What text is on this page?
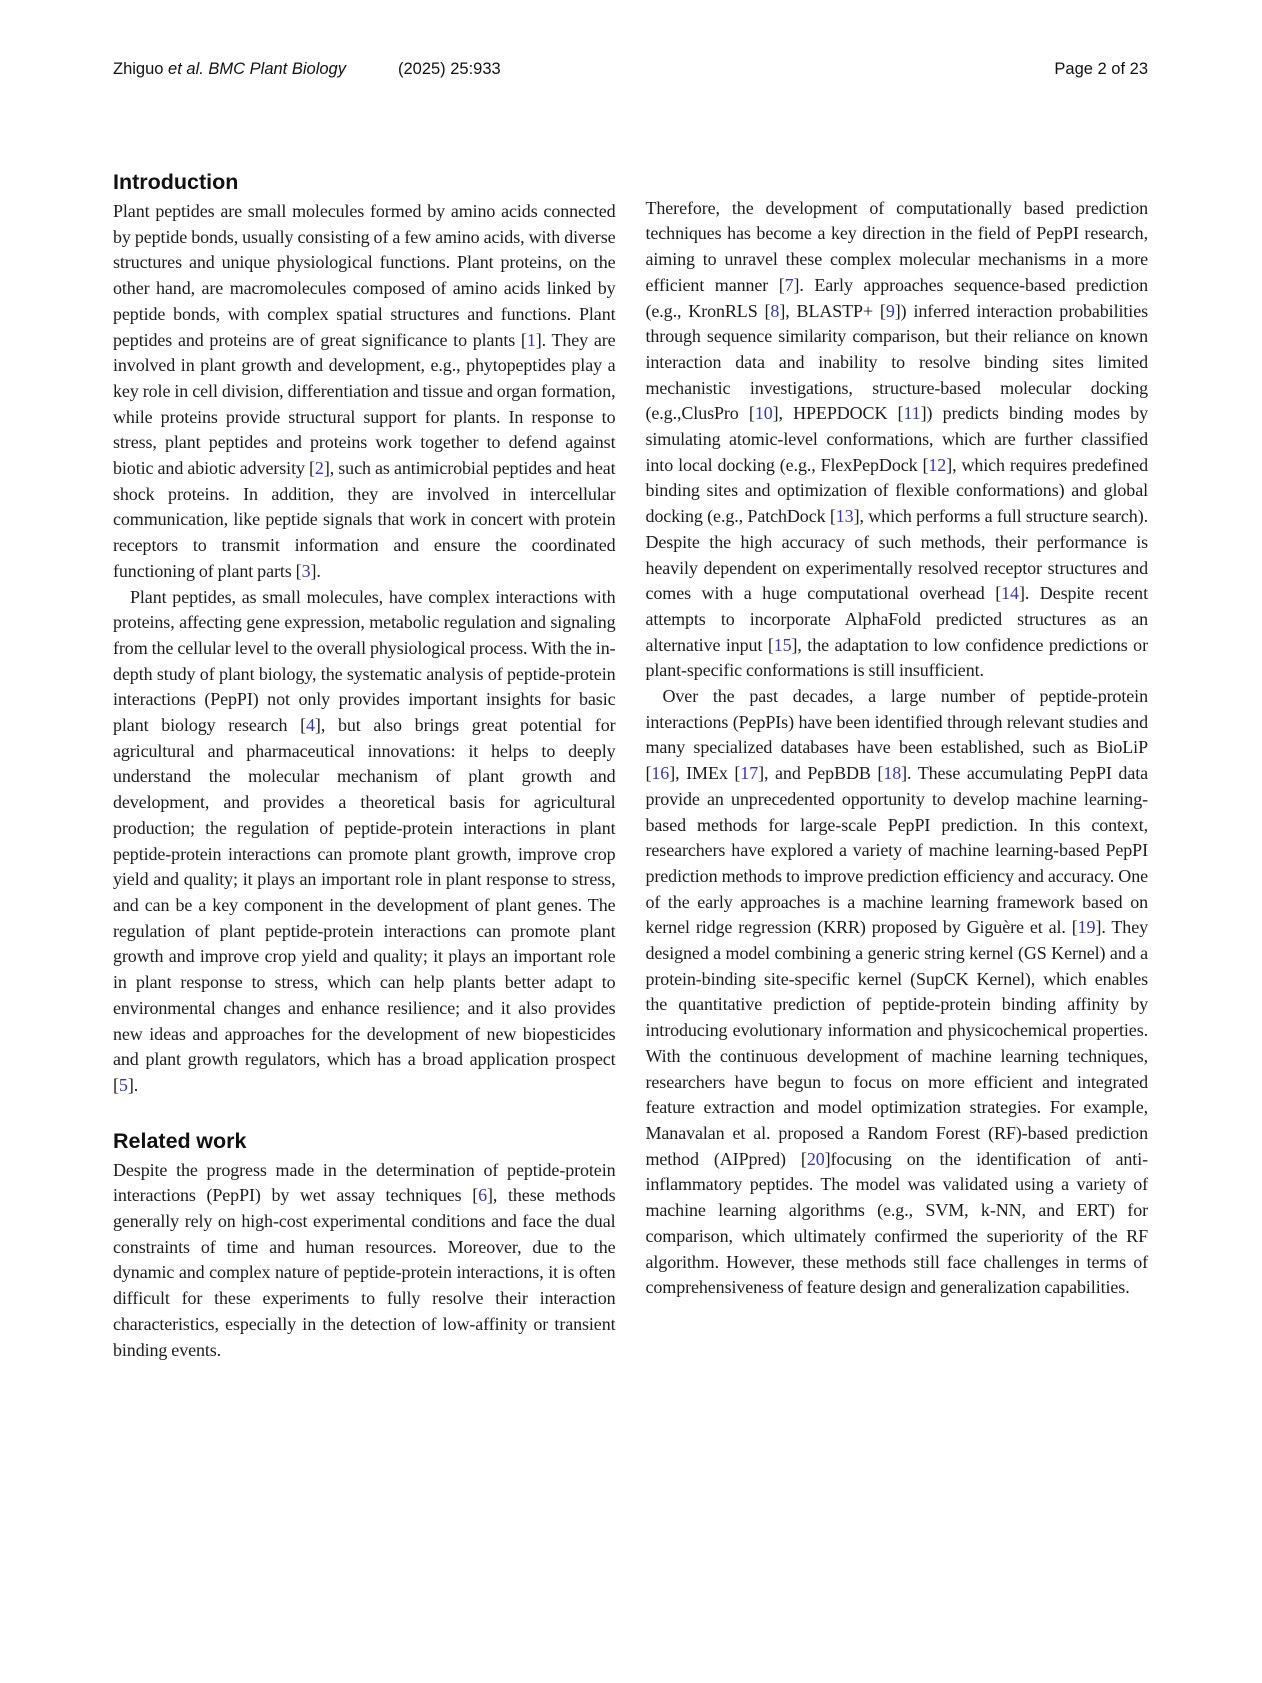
Zhiguo et al. BMC Plant Biology	(2025) 25:933	Page 2 of 23
Introduction

Plant peptides are small molecules formed by amino acids connected by peptide bonds, usually consisting of a few amino acids, with diverse structures and unique physiological functions. Plant proteins, on the other hand, are macromolecules composed of amino acids linked by peptide bonds, with complex spatial structures and functions. Plant peptides and proteins are of great significance to plants [1]. They are involved in plant growth and development, e.g., phytopeptides play a key role in cell division, differentiation and tissue and organ formation, while proteins provide structural support for plants. In response to stress, plant peptides and proteins work together to defend against biotic and abiotic adversity [2], such as antimicrobial peptides and heat shock proteins. In addition, they are involved in intercellular communication, like peptide signals that work in concert with protein receptors to transmit information and ensure the coordinated functioning of plant parts [3].

Plant peptides, as small molecules, have complex interactions with proteins, affecting gene expression, metabolic regulation and signaling from the cellular level to the overall physiological process. With the in-depth study of plant biology, the systematic analysis of peptide-protein interactions (PepPI) not only provides important insights for basic plant biology research [4], but also brings great potential for agricultural and pharmaceutical innovations: it helps to deeply understand the molecular mechanism of plant growth and development, and provides a theoretical basis for agricultural production; the regulation of peptide-protein interactions in plant peptide-protein interactions can promote plant growth, improve crop yield and quality; it plays an important role in plant response to stress, and can be a key component in the development of plant genes. The regulation of plant peptide-protein interactions can promote plant growth and improve crop yield and quality; it plays an important role in plant response to stress, which can help plants better adapt to environmental changes and enhance resilience; and it also provides new ideas and approaches for the development of new biopesticides and plant growth regulators, which has a broad application prospect [5].

Related work

Despite the progress made in the determination of peptide-protein interactions (PepPI) by wet assay techniques [6], these methods generally rely on high-cost experimental conditions and face the dual constraints of time and human resources. Moreover, due to the dynamic and complex nature of peptide-protein interactions, it is often difficult for these experiments to fully resolve their interaction characteristics, especially in the detection of low-affinity or transient binding events.

Therefore, the development of computationally based prediction techniques has become a key direction in the field of PepPI research, aiming to unravel these complex molecular mechanisms in a more efficient manner [7]. Early approaches sequence-based prediction (e.g., KronRLS [8], BLASTP+ [9]) inferred interaction probabilities through sequence similarity comparison, but their reliance on known interaction data and inability to resolve binding sites limited mechanistic investigations, structure-based molecular docking (e.g.,ClusPro [10], HPEPDOCK [11]) predicts binding modes by simulating atomic-level conformations, which are further classified into local docking (e.g., FlexPepDock [12], which requires predefined binding sites and optimization of flexible conformations) and global docking (e.g., PatchDock [13], which performs a full structure search). Despite the high accuracy of such methods, their performance is heavily dependent on experimentally resolved receptor structures and comes with a huge computational overhead [14]. Despite recent attempts to incorporate AlphaFold predicted structures as an alternative input [15], the adaptation to low confidence predictions or plant-specific conformations is still insufficient.

Over the past decades, a large number of peptide-protein interactions (PepPIs) have been identified through relevant studies and many specialized databases have been established, such as BioLiP [16], IMEx [17], and PepBDB [18]. These accumulating PepPI data provide an unprecedented opportunity to develop machine learning-based methods for large-scale PepPI prediction. In this context, researchers have explored a variety of machine learning-based PepPI prediction methods to improve prediction efficiency and accuracy. One of the early approaches is a machine learning framework based on kernel ridge regression (KRR) proposed by Giguère et al. [19]. They designed a model combining a generic string kernel (GS Kernel) and a protein-binding site-specific kernel (SupCK Kernel), which enables the quantitative prediction of peptide-protein binding affinity by introducing evolutionary information and physicochemical properties. With the continuous development of machine learning techniques, researchers have begun to focus on more efficient and integrated feature extraction and model optimization strategies. For example, Manavalan et al. proposed a Random Forest (RF)-based prediction method (AIPpred) [20]focusing on the identification of anti-inflammatory peptides. The model was validated using a variety of machine learning algorithms (e.g., SVM, k-NN, and ERT) for comparison, which ultimately confirmed the superiority of the RF algorithm. However, these methods still face challenges in terms of comprehensiveness of feature design and generalization capabilities.
